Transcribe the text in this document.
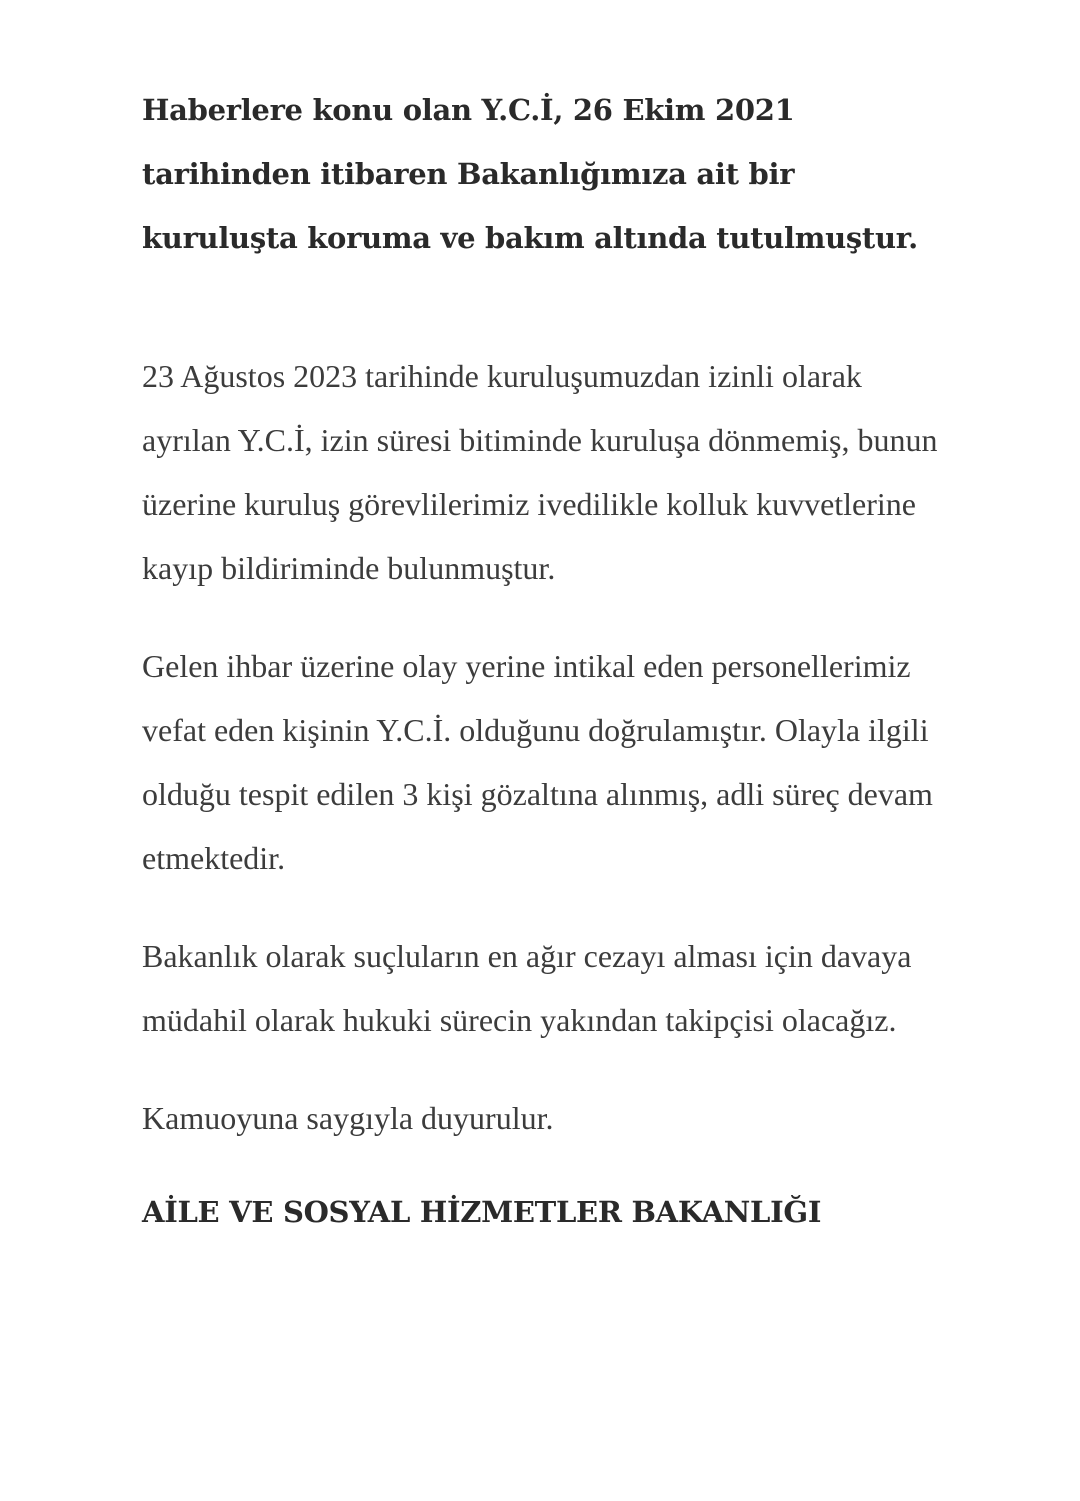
Haberlere konu olan Y.C.İ, 26 Ekim 2021 tarihinden itibaren Bakanlığımıza ait bir kuruluşta koruma ve bakım altında tutulmuştur.

23 Ağustos 2023 tarihinde kuruluşumuzdan izinli olarak ayrılan Y.C.İ, izin süresi bitiminde kuruluşa dönmemiş, bunun üzerine kuruluş görevlilerimiz ivedilikle kolluk kuvvetlerine kayıp bildiriminde bulunmuştur.

Gelen ihbar üzerine olay yerine intikal eden personellerimiz vefat eden kişinin Y.C.İ. olduğunu doğrulamıştır. Olayla ilgili olduğu tespit edilen 3 kişi gözaltına alınmış, adli süreç devam etmektedir.

Bakanlık olarak suçluların en ağır cezayı alması için davaya müdahil olarak hukuki sürecin yakından takipçisi olacağız.

Kamuoyuna saygıyla duyurulur.

AİLE VE SOSYAL HİZMETLER BAKANLIĞI
